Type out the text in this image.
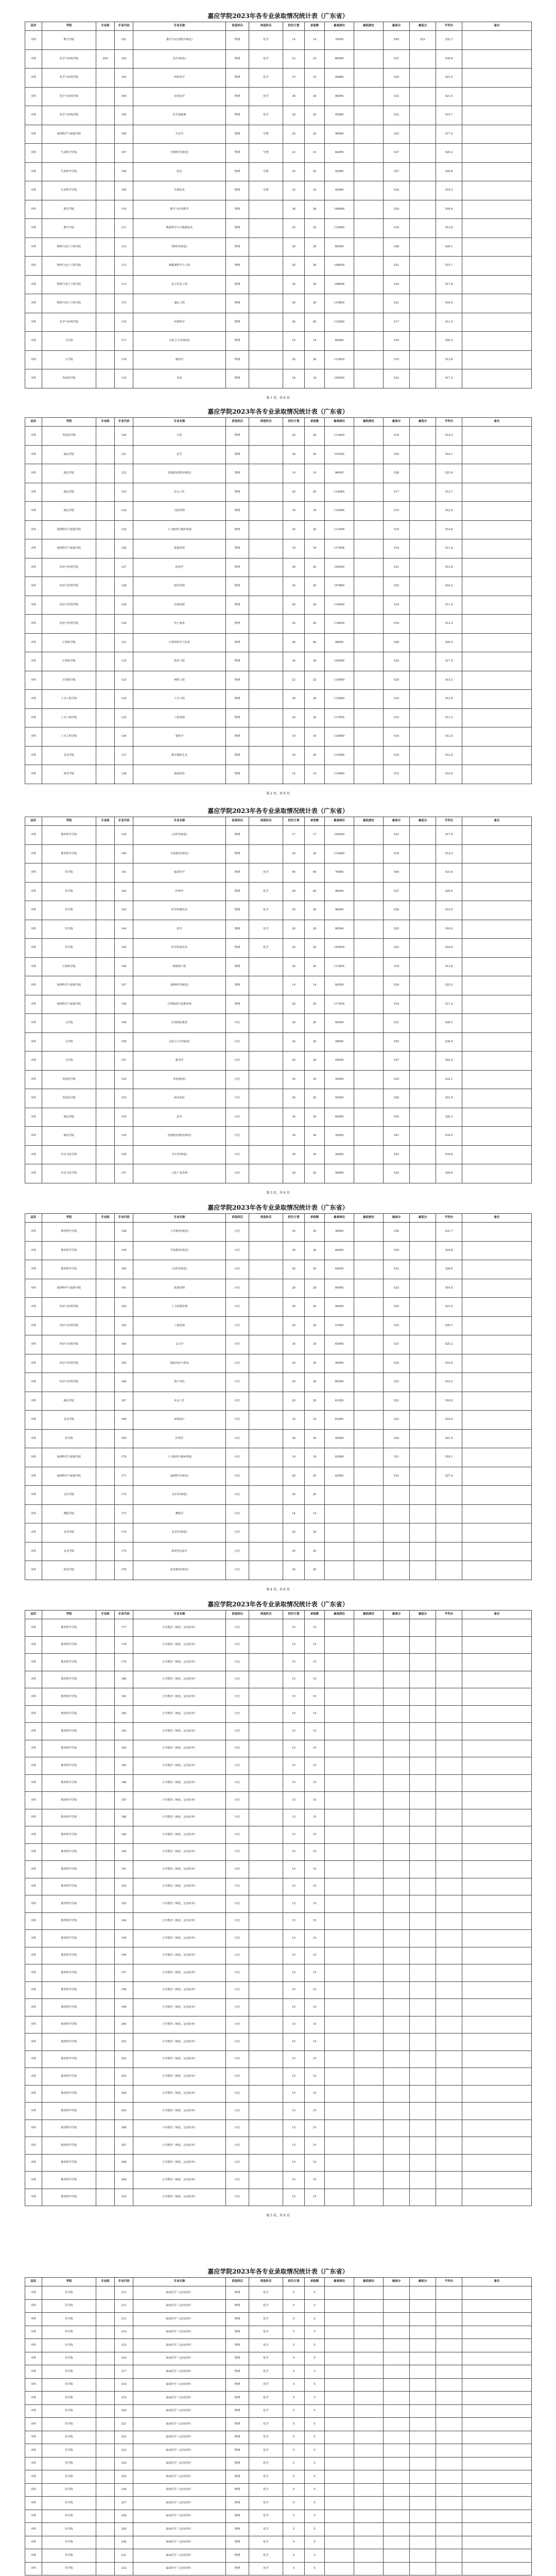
嘉应学院2023年各专业录取情况统计表（广东省）
层次	学院	专业组	专业代码	专业名称	首选科目	再选科目	招生计划	录取数	最高排位	最低排位	最高分	最低分	平均分	备注
本科	数学学院		101	数学与应用数学(师范)	物理	化学	14	14	70095		545	523	532.7	
本科	化学与环境学院	203	102	化学(师范)	物理	化学	23	23	80098		537		530.8	
本科	化学与环境学院		103	材料化学	物理	化学	15	15	94889		530		521.5	
本科	化学与环境学院		104	应用化学	物理	化学	36	36	90095		532		521.5	
本科	化学与环境学院		105	化学基础课	物理	化学	20	20	95089		523		519.7	
本科	地理科学与旅游学院		106	生态学	物理	生物	20	20	98009		525		517.4	
本科	生命科学学院		107	生物科学(师范)	物理	生物	23	23	84095		537		525.2	
本科	生命科学学院		108	园艺	物理	生物	20	20	92095		527		520.8	
本科	生命科学学院		109	生物技术	物理	生物	32	32	95089		526		519.3	
本科	数学学院		110	数学与应用数学	物理		36	36	108086		520		516.9	
本科	数学学院		111	数据科学与大数据技术	物理		25	25	115069		516		513.8	
本科	物理与电子工程学院		112	物理学(师范)	物理		29	29	80098		538		526.1	
本科	物理与电子工程学院		113	新能源科学与工程	物理		20	20	108059		522		515.7	
本科	物理与电子工程学院		114	电子信息工程	物理		30	30	108006		524		517.6	
本科	物理与电子工程学院		115	通信工程	物理		20	20	110859		521		516.0	
本科	化学与环境学院		116	环境科学	物理		40	40	115069		517		511.4	
本科	文学院		117	汉语言文学(师范)	物理		14	14	84099		534		529.3	
本科	文学院		118	新闻学	物理		20	20	112059		519		513.8	
本科	外国语学院		119	英语	物理		18	18	105059		523		517.2	
第 1 页，共 6 页
嘉应学院2023年各专业录取情况统计表（广东省）
层次	学院	专业组	专业代码	专业名称	首选科目	再选科目	招生计划	录取数	最高排位	最低排位	最高分	最低分	平均分	备注
本科	外国语学院		120	日语	物理		20	20	113059		518		514.3	
本科	政法学院		121	法学	物理		30	30	101092		524		519.1	
本科	政法学院		122	思想政治教育(师范)	物理		14	14	96005		528		521.8	
本科	政法学院		123	社会工作	物理		20	20	114060		517		513.7	
本科	政法学院		124	行政管理	物理		18	18	116506		515		512.5	
本科	地理科学与旅游学院		125	人文地理与城乡规划	物理		20	20	111099		519		514.6	
本科	地理科学与旅游学院		126	旅游管理	物理		16	16	117008		514		511.6	
本科	经济与管理学院		127	经济学	物理		26	26	109059		521		515.8	
本科	经济与管理学院		128	财务管理	物理		20	20	107869		520		516.2	
本科	经济与管理学院		129	市场营销	物理		20	20	118090		514		511.0	
本科	经济与管理学院		130	电子商务	物理		20	20	116059		516		512.3	
本科	计算机学院		131	计算机科学与技术	物理		40	40	98056		528		520.4	
本科	计算机学院		132	软件工程	物理		30	30	105096		524		517.9	
本科	计算机学院		133	网络工程	物理		22	22	110009		520		515.3	
本科	土木工程学院		134	土木工程	物理		36	36	112069		519		513.9	
本科	土木工程学院		135	工程管理	物理		20	20	117095		515		511.3	
本科	土木工程学院		136	建筑学	物理		16	16	116009		516		512.0	
本科	美术学院		137	数字媒体艺术	物理		20	20	115506		516		512.8	
本科	体育学院		138	休闲体育	物理		14	14	118560		513		510.6	
第 2 页，共 6 页
嘉应学院2023年各专业录取情况统计表（广东省）
层次	学院	专业组	专业代码	专业名称	首选科目	再选科目	招生计划	录取数	最高排位	最低排位	最高分	最低分	平均分	备注
本科	教育科学学院		139	心理学(师范)	物理		17	17	105059		523		517.4	
本科	教育科学学院		140	学前教育(师范)	物理		20	20	112009		518		514.2	
本科	医学院		141	临床医学	物理	化学	40	40	76095		540		531.6	
本科	医学院		142	护理学	物理	化学	40	40	96059		527		520.9	
本科	医学院		143	医学影像技术	物理	化学	20	20	98095		526		519.5	
本科	医学院		144	药学	物理	化学	20	20	99506		525		519.0	
本科	医学院		145	医学检验技术	物理	化学	20	20	103059		523		518.0	
本科	计算机学院		146	物联网工程	物理		20	20	113095		518		513.8	
本科	地理科学与旅游学院		147	地理科学(师范)	物理		14	14	92059		530		523.5	
本科	地理科学与旅游学院		148	自然地理与资源环境	物理		20	20	117059		514		511.4	
本科	文学院		149	汉语国际教育	历史		20	20	46059		531		526.2	
本科	文学院		150	汉语言文学(师范)	历史		30	30	28095		545		536.9	
本科	文学院		151	秘书学	历史		20	20	54059		527		522.4	
本科	外国语学院		152	英语(师范)	历史		30	30	35059		539		532.1	
本科	外国语学院		153	商务英语	历史		20	20	55009		526		521.9	
本科	政法学院		154	法学	历史		30	30	40095		535		529.3	
本科	政法学院		155	思想政治教育(师范)	历史		30	30	32059		541		534.5	
本科	历史文化学院		156	历史学(师范)	历史		30	30	30095		543		535.8	
本科	历史文化学院		157	文化产业管理	历史		20	20	58009		524		520.6	
第 3 页，共 6 页
嘉应学院2023年各专业录取情况统计表（广东省）
层次	学院	专业组	专业代码	专业名称	首选科目	再选科目	招生计划	录取数	最高排位	最低排位	最高分	最低分	平均分	备注
本科	教育科学学院		158	小学教育(师范)	历史		30	30	36095		538		531.7	
本科	教育科学学院		159	学前教育(师范)	历史		30	30	48059		530		524.8	
本科	教育科学学院		160	心理学(师范)	历史		20	20	44059		532		526.0	
本科	地理科学与旅游学院		161	旅游管理	历史		20	20	60095		523		519.5	
本科	经济与管理学院		162	人力资源管理	历史		20	20	56059		525		521.0	
本科	经济与管理学院		163	工商管理	历史		20	20	57059		525		520.7	
本科	经济与管理学院		164	会计学	历史		30	30	45095		531		525.2	
本科	经济与管理学院		165	国际经济与贸易	历史		20	20	59009		524		519.8	
本科	经济与管理学院		166	资产评估	历史		20	20	60506		523		519.2	
本科	政法学院		167	社会工作	历史		20	20	61059		522		518.9	
本科	美术学院		168	环境设计	历史		16	16	62095		522		518.5	
本科	医学院		169	护理学	历史		30	30	55059		526		521.4	
本科	地理科学与旅游学院		170	人文地理与城乡规划	历史		16	16	62009		521		518.1	
本科	地理科学与旅游学院		171	地理科学(师范)	历史		20	20	42095		533		527.4	
本科	音乐学院		172	音乐学(师范)	历史		20	20						
本科	舞蹈学院		173	舞蹈学	历史		14	14						
本科	美术学院		174	美术学(师范)	历史		20	20						
本科	美术学院		175	视觉传达设计	历史		20	20						
本科	体育学院		176	体育教育(师范)	历史		30	30						
第 4 页，共 6 页
嘉应学院2023年各专业录取情况统计表（广东省）
层次	学院	专业组	专业代码	专业名称	首选科目	再选科目	招生计划	录取数	最高排位	最低排位	最高分	最低分	平均分	备注
本科	教育科学学院		177	小学教育（师范，定向培养）	历史		15	15						
本科	教育科学学院		178	小学教育（师范，定向培养）	历史		15	15						
本科	教育科学学院		179	小学教育（师范，定向培养）	历史		15	15						
本科	教育科学学院		180	小学教育（师范，定向培养）	历史		15	15						
本科	教育科学学院		181	小学教育（师范，定向培养）	历史		15	15						
本科	教育科学学院		182	小学教育（师范，定向培养）	历史		15	15						
本科	教育科学学院		183	小学教育（师范，定向培养）	历史		15	15						
本科	教育科学学院		184	小学教育（师范，定向培养）	历史		15	15						
本科	教育科学学院		185	小学教育（师范，定向培养）	历史		15	15						
本科	教育科学学院		186	小学教育（师范，定向培养）	历史		15	15						
本科	教育科学学院		187	小学教育（师范，定向培养）	历史		15	15						
本科	教育科学学院		188	小学教育（师范，定向培养）	历史		15	15						
本科	教育科学学院		189	小学教育（师范，定向培养）	历史		15	15						
本科	教育科学学院		190	小学教育（师范，定向培养）	历史		15	15						
本科	教育科学学院		191	小学教育（师范，定向培养）	历史		15	15						
本科	教育科学学院		192	小学教育（师范，定向培养）	历史		15	15						
本科	教育科学学院		193	小学教育（师范，定向培养）	历史		15	15						
本科	教育科学学院		194	小学教育（师范，定向培养）	历史		15	15						
本科	教育科学学院		195	小学教育（师范，定向培养）	历史		15	15						
本科	教育科学学院		196	小学教育（师范，定向培养）	历史		15	15						
本科	教育科学学院		197	小学教育（师范，定向培养）	历史		15	15						
本科	教育科学学院		198	小学教育（师范，定向培养）	历史		15	15						
本科	教育科学学院		199	小学教育（师范，定向培养）	历史		15	15						
本科	教育科学学院		200	小学教育（师范，定向培养）	历史		15	15						
本科	教育科学学院		201	小学教育（师范，定向培养）	历史		15	15						
本科	教育科学学院		202	小学教育（师范，定向培养）	历史		15	15						
本科	教育科学学院		203	小学教育（师范，定向培养）	历史		15	15						
本科	教育科学学院		204	小学教育（师范，定向培养）	历史		15	15						
本科	教育科学学院		205	小学教育（师范，定向培养）	历史		15	15						
本科	教育科学学院		206	小学教育（师范，定向培养）	历史		15	15						
本科	教育科学学院		207	小学教育（师范，定向培养）	历史		15	15						
本科	教育科学学院		208	小学教育（师范，定向培养）	历史		15	15						
本科	教育科学学院		209	小学教育（师范，定向培养）	历史		15	15						
本科	教育科学学院		210	小学教育（师范，定向培养）	历史		15	15						
第 5 页，共 6 页
嘉应学院2023年各专业录取情况统计表（广东省）
层次	学院	专业组	专业代码	专业名称	首选科目	再选科目	招生计划	录取数	最高排位	最低排位	最高分	最低分	平均分	备注
本科	医学院		211	临床医学（定向培养）	物理	化学	5	5						
本科	医学院		212	临床医学（定向培养）	物理	化学	5	5						
本科	医学院		213	临床医学（定向培养）	物理	化学	5	5						
本科	医学院		214	临床医学（定向培养）	物理	化学	5	5						
本科	医学院		215	临床医学（定向培养）	物理	化学	5	5						
本科	医学院		216	临床医学（定向培养）	物理	化学	5	5						
本科	医学院		217	临床医学（定向培养）	物理	化学	5	5						
本科	医学院		218	临床医学（定向培养）	物理	化学	5	5						
本科	医学院		219	临床医学（定向培养）	物理	化学	5	5						
本科	医学院		220	临床医学（定向培养）	物理	化学	5	5						
本科	医学院		221	临床医学（定向培养）	物理	化学	5	5						
本科	医学院		222	临床医学（定向培养）	物理	化学	5	5						
本科	医学院		223	临床医学（定向培养）	物理	化学	5	5						
本科	医学院		224	临床医学（定向培养）	物理	化学	5	5						
本科	医学院		225	临床医学（定向培养）	物理	化学	5	5						
本科	医学院		226	临床医学（定向培养）	物理	化学	5	5						
本科	医学院		227	临床医学（定向培养）	物理	化学	5	5						
本科	医学院		228	临床医学（定向培养）	物理	化学	5	5						
本科	医学院		229	临床医学（定向培养）	物理	化学	5	5						
本科	医学院		230	临床医学（定向培养）	物理	化学	5	5						
本科	医学院		231	临床医学（定向培养）	物理	化学	5	5						
本科	医学院		232	临床医学（定向培养）	物理	化学	5	5						
